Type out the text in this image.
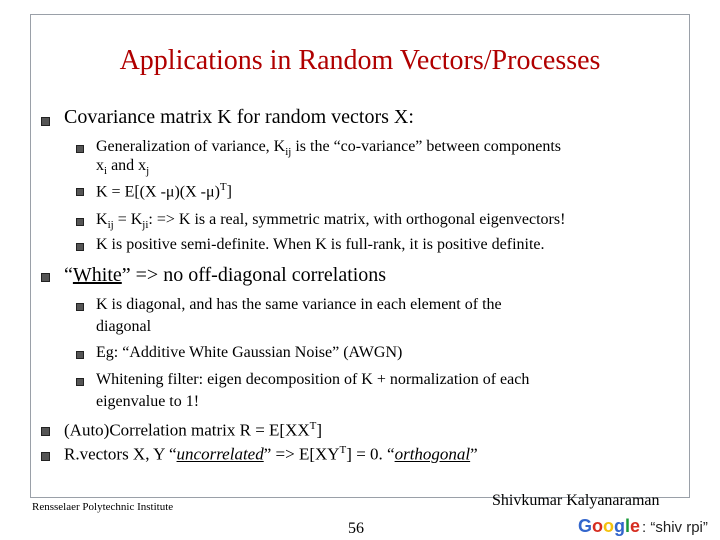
Applications in Random Vectors/Processes
Covariance matrix K for random vectors X:
Generalization of variance, $K_{ij}$ is the “co-variance” between components
$x_i$ and $x_j$
K = E[(X -μ)(X -μ)$^T$]
$K_{ij} = K_{ji}$: => K is a real, symmetric matrix, with orthogonal eigenvectors!
K is positive semi-definite. When K is full-rank, it is positive definite.
“White” => no off-diagonal correlations
K is diagonal, and has the same variance in each element of the
diagonal
Eg: “Additive White Gaussian Noise” (AWGN)
Whitening filter: eigen decomposition of K + normalization of each
eigenvalue to 1!
(Auto)Correlation matrix $R = E[XX^T]$
R.vectors X, Y “uncorrelated” => $E[XY^T] = 0$. “orthogonal”
Rensselaer Polytechnic Institute	Shivkumar Kalyanaraman
56	Google : “shiv rpi”
